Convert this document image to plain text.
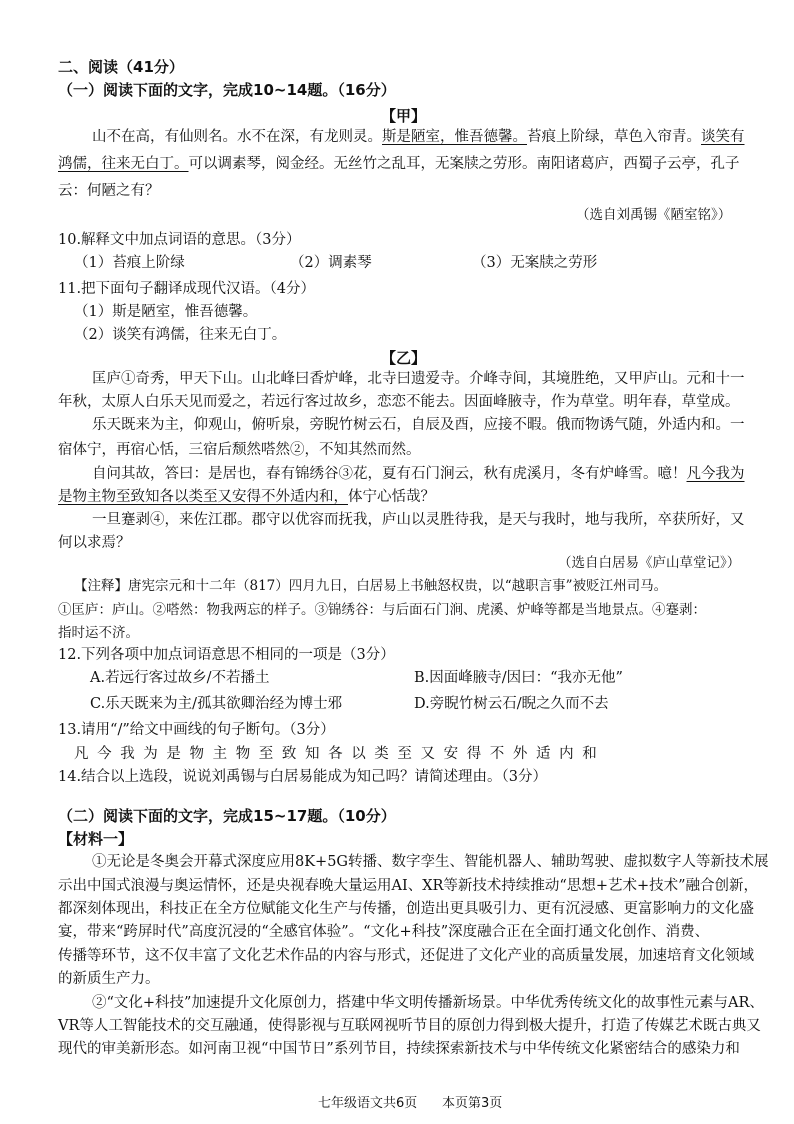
二、阅读（41分）
（一）阅读下面的文字，完成10~14题。（16分）
【甲】
山不在高，有仙则名。水不在深，有龙则灵。斯是陋室，惟吾德馨。苔痕上阶绿，草色入帘青。谈笑有
鸿儒，往来无白丁。可以调素琴，阅金经。无丝竹之乱耳，无案牍之劳形。南阳诸葛庐，西蜀子云亭，孔子
云：何陋之有？
（选自刘禹锡《陋室铭》）
10.解释文中加点词语的意思。（3分）
（1）苔痕上阶绿	（2）调素琴	（3）无案牍之劳形
11.把下面句子翻译成现代汉语。（4分）
（1）斯是陋室，惟吾德馨。
（2）谈笑有鸿儒，往来无白丁。
【乙】
匡庐①奇秀，甲天下山。山北峰曰香炉峰，北寺曰遗爱寺。介峰寺间，其境胜绝，又甲庐山。元和十一
年秋，太原人白乐天见而爱之，若远行客过故乡，恋恋不能去。因面峰腋寺，作为草堂。明年春，草堂成。
乐天既来为主，仰观山，俯听泉，旁睨竹树云石，自辰及酉，应接不暇。俄而物诱气随，外适内和。一
宿体宁，再宿心恬，三宿后颓然嗒然②，不知其然而然。
自问其故，答曰：是居也，春有锦绣谷③花，夏有石门涧云，秋有虎溪月，冬有炉峰雪。噫！凡今我为
是物主物至致知各以类至又安得不外适内和，体宁心恬哉？
一旦蹇剥④，来佐江郡。郡守以优容而抚我，庐山以灵胜待我，是天与我时，地与我所，卒获所好，又
何以求焉？
（选自白居易《庐山草堂记》）
【注释】唐宪宗元和十二年（817）四月九日，白居易上书触怒权贵，以“越职言事”被贬江州司马。
①匡庐：庐山。②嗒然：物我两忘的样子。③锦绣谷：与后面石门涧、虎溪、炉峰等都是当地景点。④蹇剥：
指时运不济。
12.下列各项中加点词语意思不相同的一项是（3分）
A.若远行客过故乡/不若播土	B.因面峰腋寺/因曰：“我亦无他”
C.乐天既来为主/孤其欲卿治经为博士邪	D.旁睨竹树云石/睨之久而不去
13.请用“/”给文中画线的句子断句。（3分）
凡今我为是物主物至致知各以类至又安得不外适内和
14.结合以上选段，说说刘禹锡与白居易能成为知己吗？请简述理由。（3分）
（二）阅读下面的文字，完成15~17题。（10分）
【材料一】
①无论是冬奥会开幕式深度应用8K+5G转播、数字孪生、智能机器人、辅助驾驶、虚拟数字人等新技术展
示出中国式浪漫与奥运情怀，还是央视春晚大量运用AI、XR等新技术持续推动“思想+艺术+技术”融合创新，
都深刻体现出，科技正在全方位赋能文化生产与传播，创造出更具吸引力、更有沉浸感、更富影响力的文化盛
宴，带来“跨屏时代”高度沉浸的“全感官体验”。“文化+科技”深度融合正在全面打通文化创作、消费、
传播等环节，这不仅丰富了文化艺术作品的内容与形式，还促进了文化产业的高质量发展，加速培育文化领域
的新质生产力。
②“文化+科技”加速提升文化原创力，搭建中华文明传播新场景。中华优秀传统文化的故事性元素与AR、
VR等人工智能技术的交互融通，使得影视与互联网视听节目的原创力得到极大提升，打造了传媒艺术既古典又
现代的审美新形态。如河南卫视“中国节日”系列节目，持续探索新技术与中华传统文化紧密结合的感染力和
七年级语文共6页 本页第3页
